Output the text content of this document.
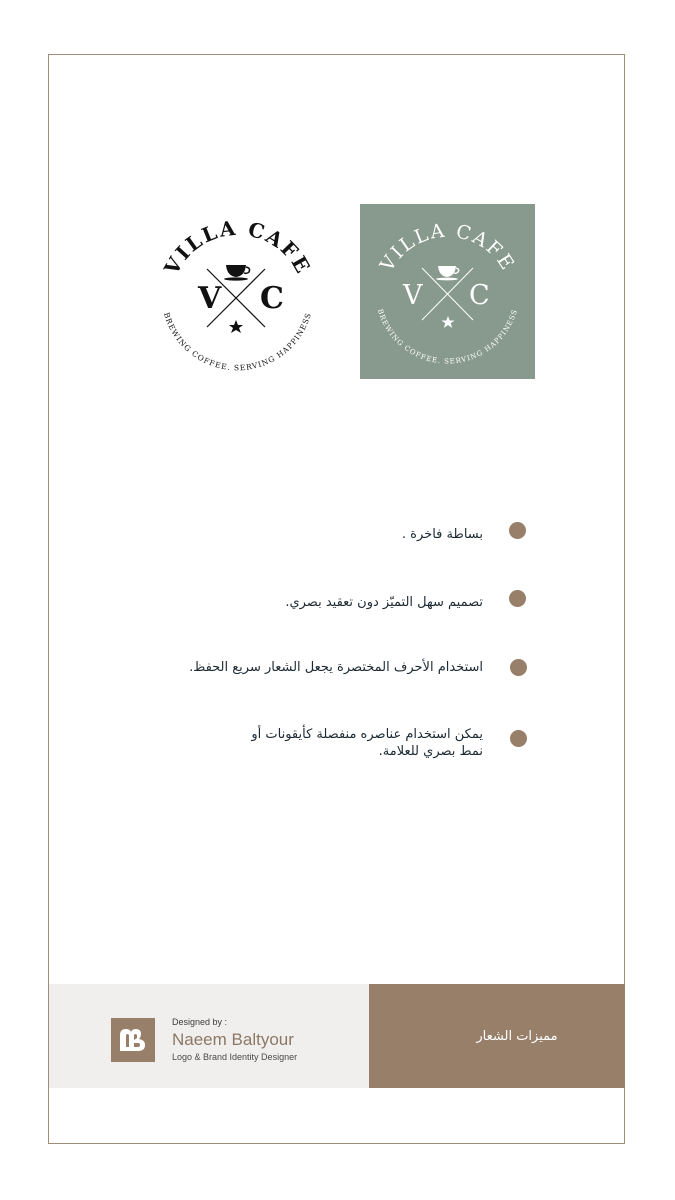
VILLA CAFE
BREWING COFFEE. SERVING HAPPINESS
V C
VILLA CAFE
BREWING COFFEE. SERVING HAPPINESS
V C
بساطة فاخرة .
تصميم سهل التميّز دون تعقيد بصري.
استخدام الأحرف المختصرة يجعل الشعار سريع الحفظ.
يمكن استخدام عناصره منفصلة كأيقونات أو
نمط بصري للعلامة.
Designed by :
Naeem Baltyour
Logo & Brand Identity Designer
مميزات الشعار
